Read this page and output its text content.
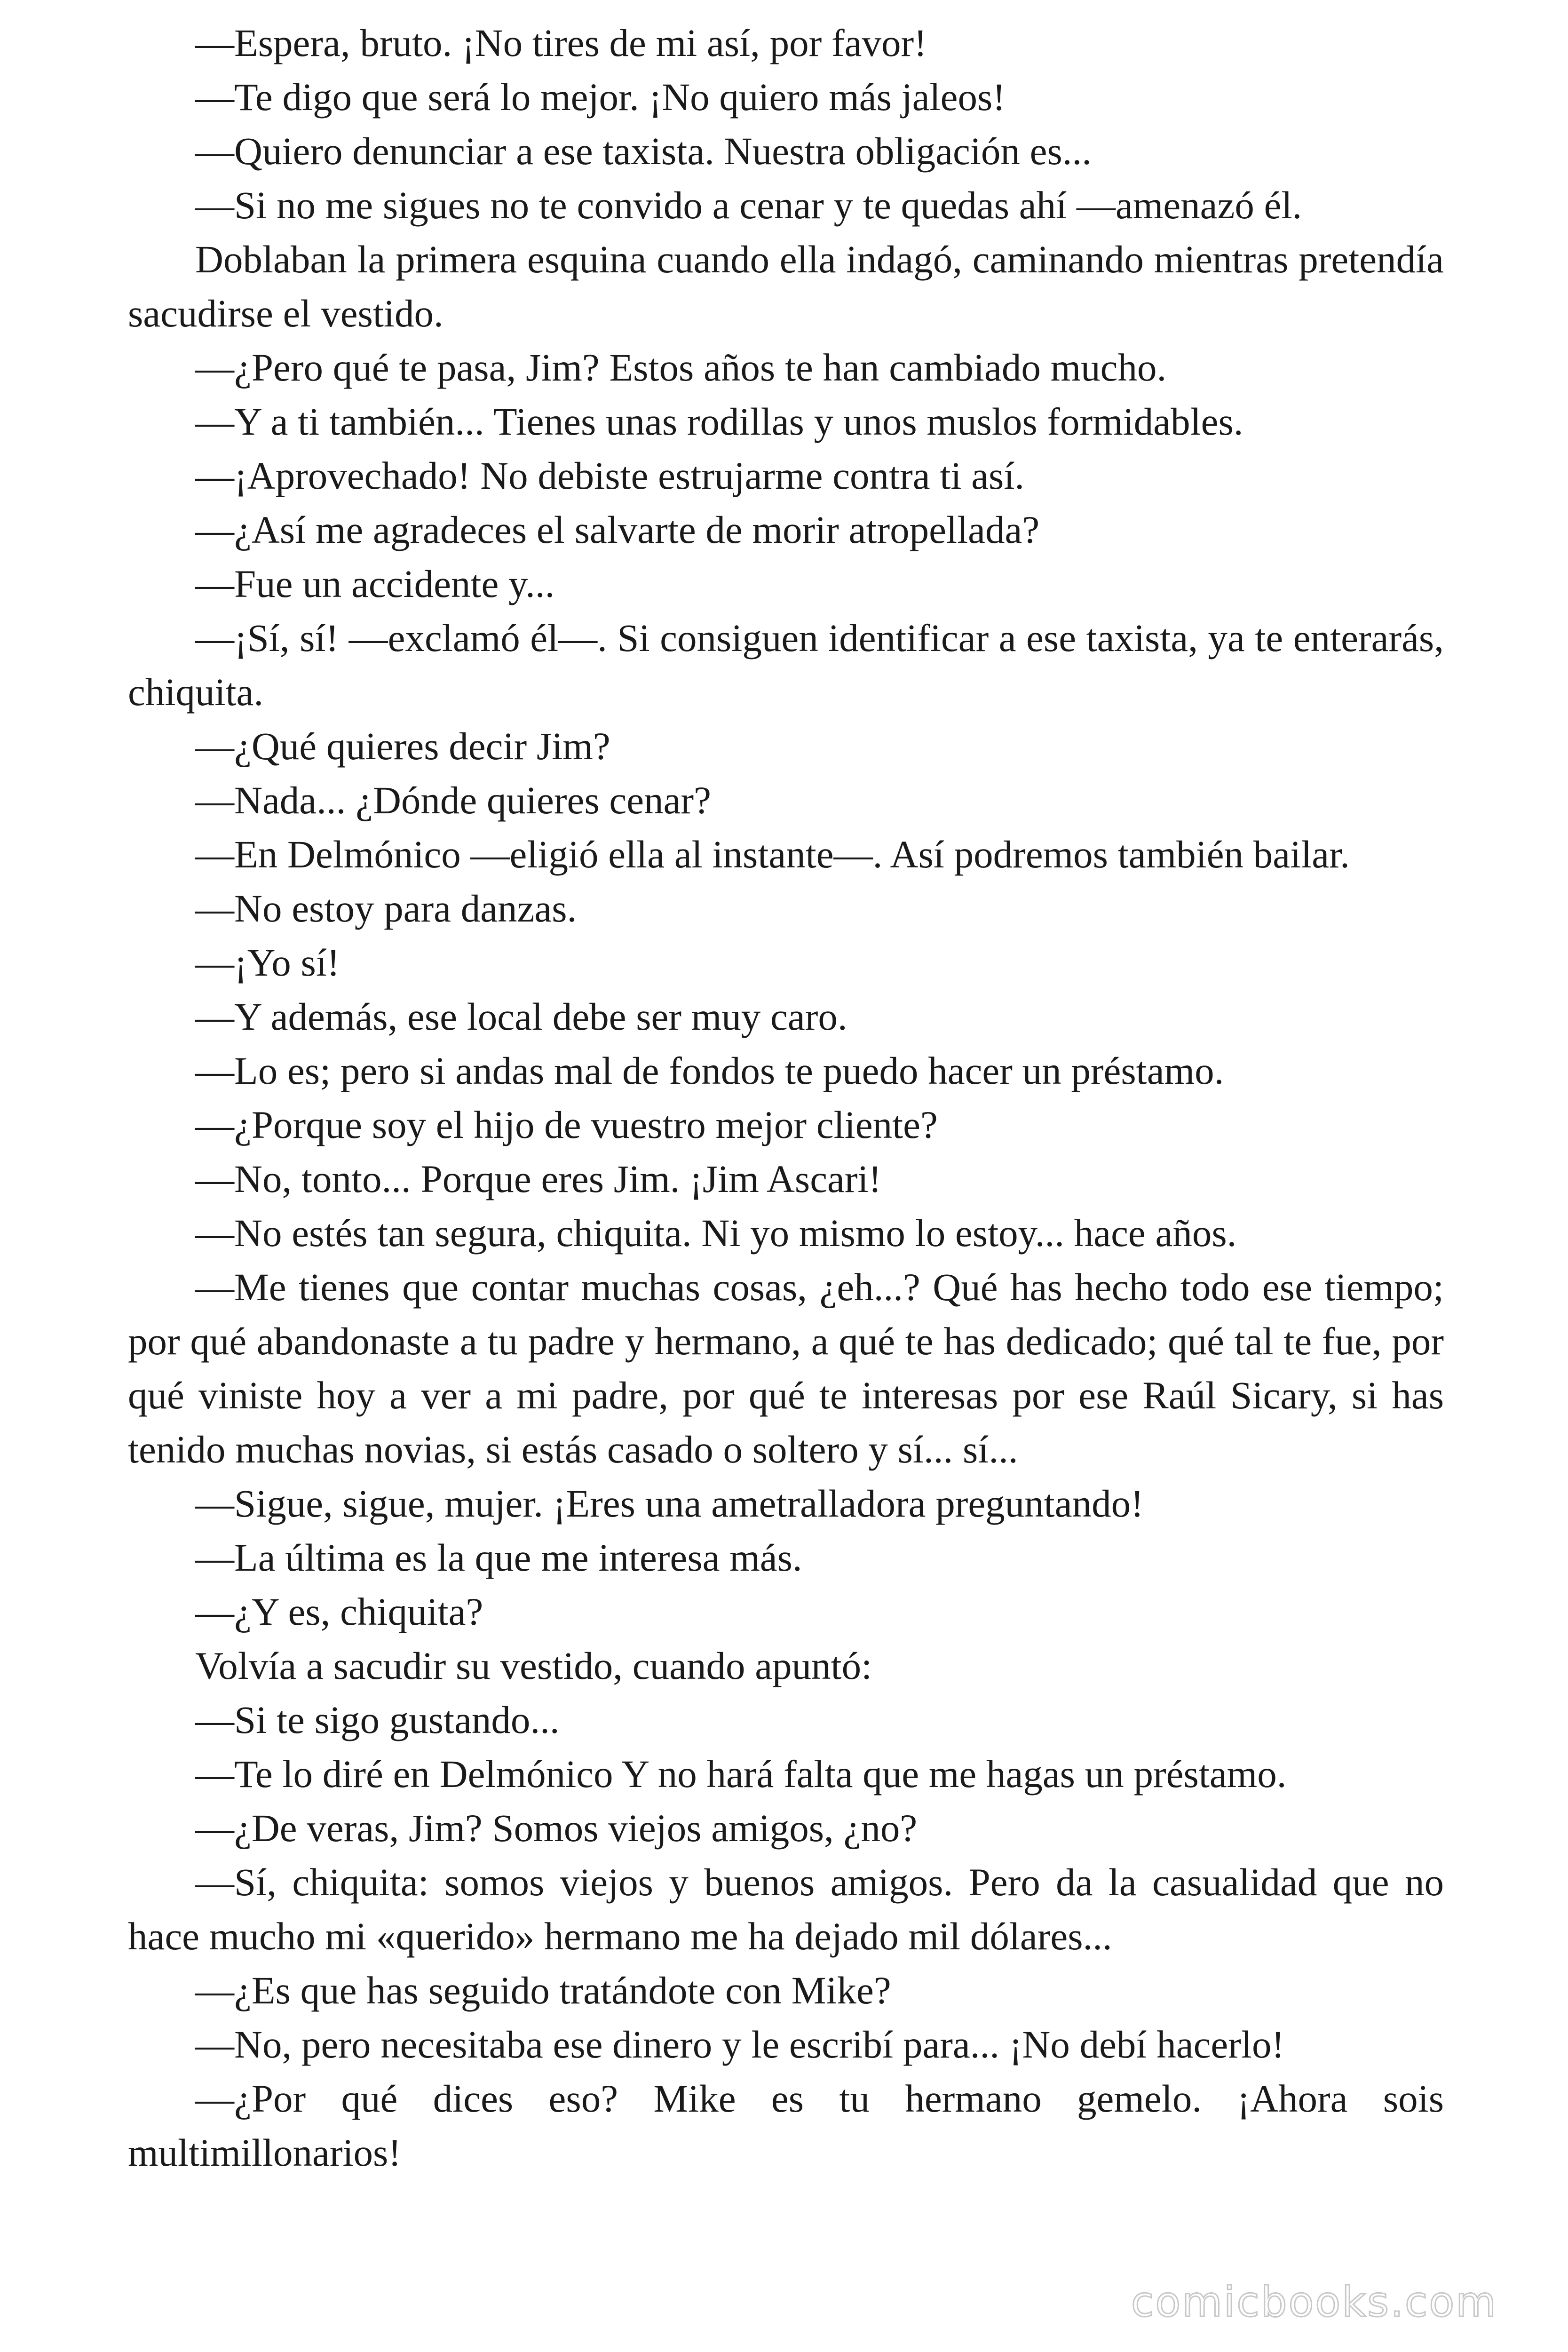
—Espera, bruto. ¡No tires de mi así, por favor!

—Te digo que será lo mejor. ¡No quiero más jaleos!

—Quiero denunciar a ese taxista. Nuestra obligación es...

—Si no me sigues no te convido a cenar y te quedas ahí —amenazó él.

Doblaban la primera esquina cuando ella indagó, caminando mientras pretendía sacudirse el vestido.

—¿Pero qué te pasa, Jim? Estos años te han cambiado mucho.

—Y a ti también... Tienes unas rodillas y unos muslos formidables.

—¡Aprovechado! No debiste estrujarme contra ti así.

—¿Así me agradeces el salvarte de morir atropellada?

—Fue un accidente y...

—¡Sí, sí! —exclamó él—. Si consiguen identificar a ese taxista, ya te enterarás, chiquita.

—¿Qué quieres decir Jim?

—Nada... ¿Dónde quieres cenar?

—En Delmónico —eligió ella al instante—. Así podremos también bailar.

—No estoy para danzas.

—¡Yo sí!

—Y además, ese local debe ser muy caro.

—Lo es; pero si andas mal de fondos te puedo hacer un préstamo.

—¿Porque soy el hijo de vuestro mejor cliente?

—No, tonto... Porque eres Jim. ¡Jim Ascari!

—No estés tan segura, chiquita. Ni yo mismo lo estoy... hace años.

—Me tienes que contar muchas cosas, ¿eh...? Qué has hecho todo ese tiempo; por qué abandonaste a tu padre y hermano, a qué te has dedicado; qué tal te fue, por qué viniste hoy a ver a mi padre, por qué te interesas por ese Raúl Sicary, si has tenido muchas novias, si estás casado o soltero y sí... sí...

—Sigue, sigue, mujer. ¡Eres una ametralladora preguntando!

—La última es la que me interesa más.

—¿Y es, chiquita?

Volvía a sacudir su vestido, cuando apuntó:

—Si te sigo gustando...

—Te lo diré en Delmónico Y no hará falta que me hagas un préstamo.

—¿De veras, Jim? Somos viejos amigos, ¿no?

—Sí, chiquita: somos viejos y buenos amigos. Pero da la casualidad que no hace mucho mi «querido» hermano me ha dejado mil dólares...

—¿Es que has seguido tratándote con Mike?

—No, pero necesitaba ese dinero y le escribí para... ¡No debí hacerlo!

—¿Por qué dices eso? Mike es tu hermano gemelo. ¡Ahora sois multimillonarios!

comicbooks.com
